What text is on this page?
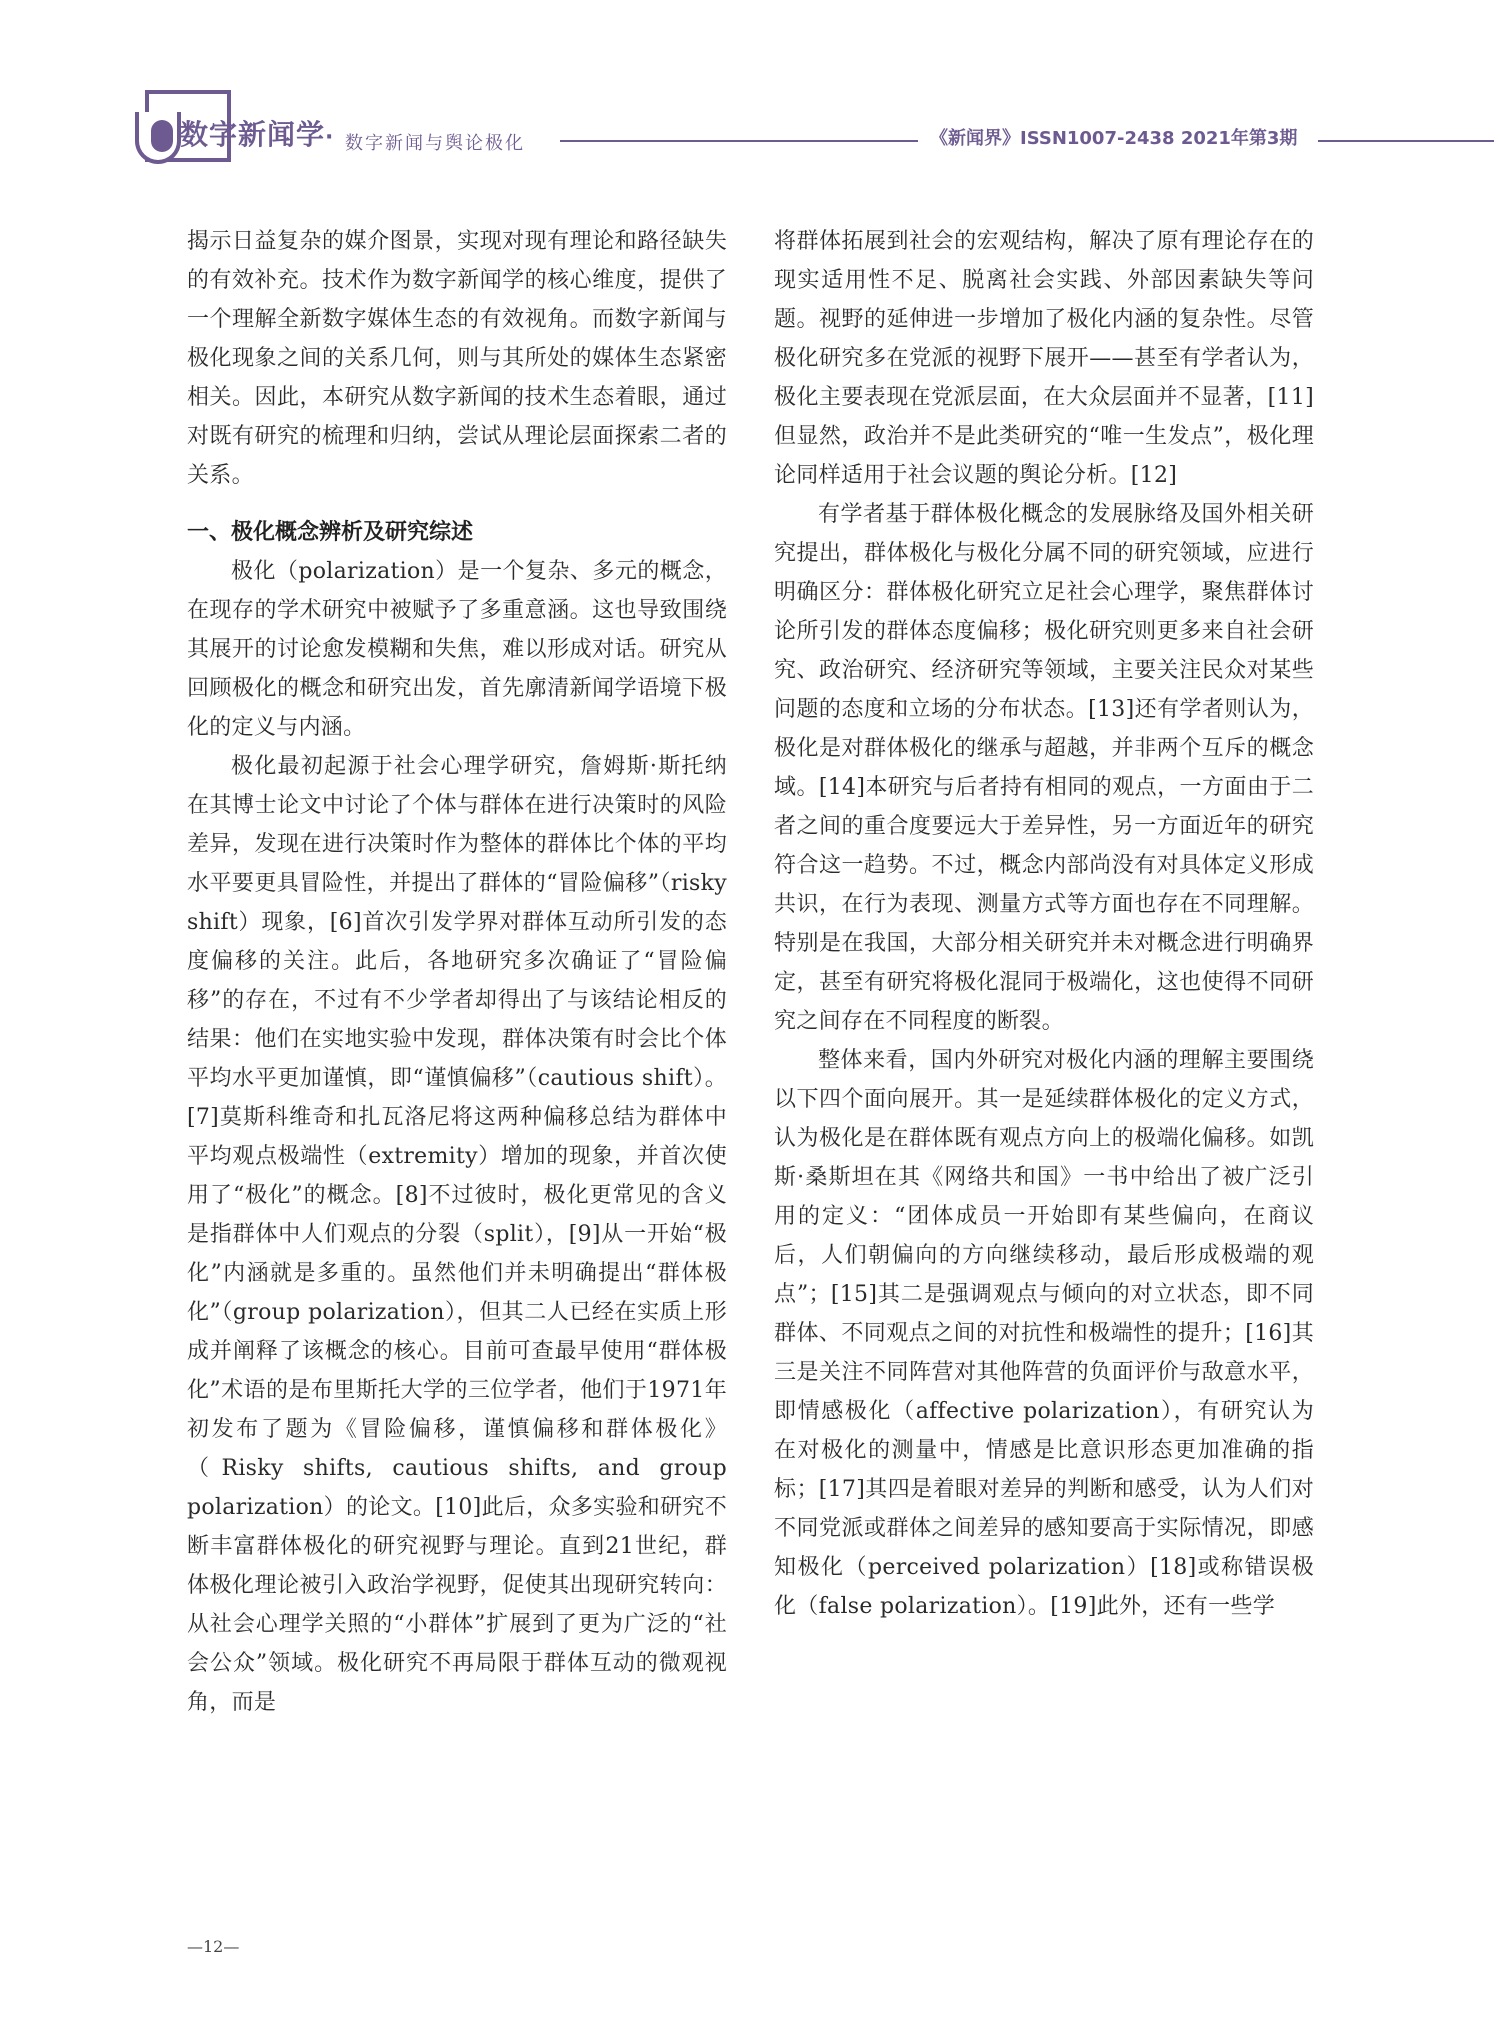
数字新闻学· 数字新闻与舆论极化	《新闻界》ISSN1007-2438 2021年第3期

揭示日益复杂的媒介图景，实现对现有理论和路径缺失的有效补充。技术作为数字新闻学的核心维度，提供了一个理解全新数字媒体生态的有效视角。而数字新闻与极化现象之间的关系几何，则与其所处的媒体生态紧密相关。因此，本研究从数字新闻的技术生态着眼，通过对既有研究的梳理和归纳，尝试从理论层面探索二者的关系。

一、极化概念辨析及研究综述

极化（polarization）是一个复杂、多元的概念，在现存的学术研究中被赋予了多重意涵。这也导致围绕其展开的讨论愈发模糊和失焦，难以形成对话。研究从回顾极化的概念和研究出发，首先廓清新闻学语境下极化的定义与内涵。

极化最初起源于社会心理学研究，詹姆斯·斯托纳在其博士论文中讨论了个体与群体在进行决策时的风险差异，发现在进行决策时作为整体的群体比个体的平均水平要更具冒险性，并提出了群体的“冒险偏移”（risky shift）现象，[6]首次引发学界对群体互动所引发的态度偏移的关注。此后，各地研究多次确证了“冒险偏移”的存在，不过有不少学者却得出了与该结论相反的结果：他们在实地实验中发现，群体决策有时会比个体平均水平更加谨慎，即“谨慎偏移”（cautious shift）。[7]莫斯科维奇和扎瓦洛尼将这两种偏移总结为群体中平均观点极端性（extremity）增加的现象，并首次使用了“极化”的概念。[8]不过彼时，极化更常见的含义是指群体中人们观点的分裂（split），[9]从一开始“极化”内涵就是多重的。虽然他们并未明确提出“群体极化”（group polarization），但其二人已经在实质上形成并阐释了该概念的核心。目前可查最早使用“群体极化”术语的是布里斯托大学的三位学者，他们于1971年初发布了题为《冒险偏移，谨慎偏移和群体极化》（Risky shifts, cautious shifts, and group polarization）的论文。[10]此后，众多实验和研究不断丰富群体极化的研究视野与理论。直到21世纪，群体极化理论被引入政治学视野，促使其出现研究转向：从社会心理学关照的“小群体”扩展到了更为广泛的“社会公众”领域。极化研究不再局限于群体互动的微观视角，而是

将群体拓展到社会的宏观结构，解决了原有理论存在的现实适用性不足、脱离社会实践、外部因素缺失等问题。视野的延伸进一步增加了极化内涵的复杂性。尽管极化研究多在党派的视野下展开——甚至有学者认为，极化主要表现在党派层面，在大众层面并不显著，[11]但显然，政治并不是此类研究的“唯一生发点”，极化理论同样适用于社会议题的舆论分析。[12]

有学者基于群体极化概念的发展脉络及国外相关研究提出，群体极化与极化分属不同的研究领域，应进行明确区分：群体极化研究立足社会心理学，聚焦群体讨论所引发的群体态度偏移；极化研究则更多来自社会研究、政治研究、经济研究等领域，主要关注民众对某些问题的态度和立场的分布状态。[13]还有学者则认为，极化是对群体极化的继承与超越，并非两个互斥的概念域。[14]本研究与后者持有相同的观点，一方面由于二者之间的重合度要远大于差异性，另一方面近年的研究符合这一趋势。不过，概念内部尚没有对具体定义形成共识，在行为表现、测量方式等方面也存在不同理解。特别是在我国，大部分相关研究并未对概念进行明确界定，甚至有研究将极化混同于极端化，这也使得不同研究之间存在不同程度的断裂。

整体来看，国内外研究对极化内涵的理解主要围绕以下四个面向展开。其一是延续群体极化的定义方式，认为极化是在群体既有观点方向上的极端化偏移。如凯斯·桑斯坦在其《网络共和国》一书中给出了被广泛引用的定义：“团体成员一开始即有某些偏向，在商议后，人们朝偏向的方向继续移动，最后形成极端的观点”；[15]其二是强调观点与倾向的对立状态，即不同群体、不同观点之间的对抗性和极端性的提升；[16]其三是关注不同阵营对其他阵营的负面评价与敌意水平，即情感极化（affective polarization），有研究认为在对极化的测量中，情感是比意识形态更加准确的指标；[17]其四是着眼对差异的判断和感受，认为人们对不同党派或群体之间差异的感知要高于实际情况，即感知极化（perceived polarization）[18]或称错误极化（false polarization）。[19]此外，还有一些学

—12—
